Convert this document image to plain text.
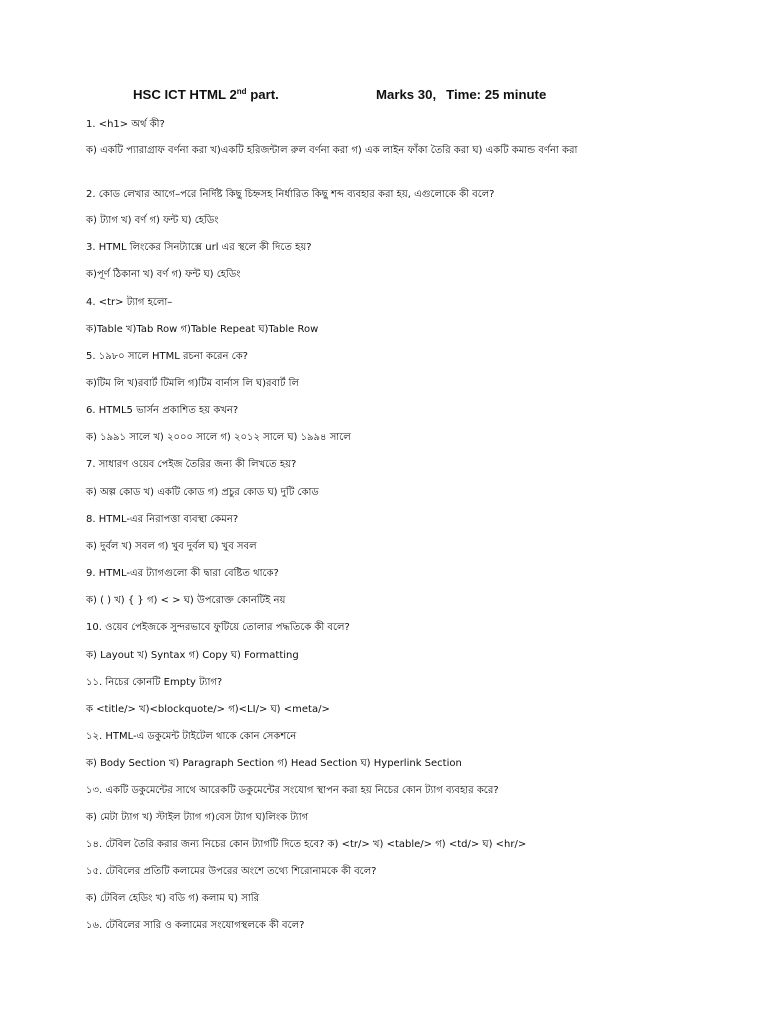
HSC ICT HTML 2nd part.	Marks 30, Time: 25 minute
1. <h1> অর্থ কী?
ক) একটি প্যারাগ্রাফ বর্ণনা করা খ)একটি হরিজন্টাল রুল বর্ণনা করা গ) এক লাইন ফাঁকা তৈরি করা ঘ) একটি কমান্ড বর্ণনা করা
2. কোড লেখার আগে–পরে নির্দিষ্ট কিছু চিহ্নসহ নির্ধারিত কিছু শব্দ ব্যবহার করা হয়, এগুলোকে কী বলে?
ক) ট্যাগ খ) বর্ণ গ) ফন্ট ঘ) হেডিং
3. HTML লিংকের সিনট্যাক্সে url এর স্থলে কী দিতে হয়?
ক)পূর্ণ ঠিকানা খ) বর্ণ গ) ফন্ট ঘ) হেডিং
4. <tr> ট্যাগ হলো–
ক)Table খ)Tab Row গ)Table Repeat ঘ)Table Row
5. ১৯৮০ সালে HTML রচনা করেন কে?
ক)টিম লি খ)রবার্ট টিমলি গ)টিম বার্নাস লি ঘ)রবার্ট লি
6. HTML5 ভার্সন প্রকাশিত হয় কখন?
ক) ১৯৯১ সালে খ) ২০০০ সালে গ) ২০১২ সালে ঘ) ১৯৯৪ সালে
7. সাধারণ ওয়েব পেইজ তৈরির জন্য কী লিখতে হয়?
ক) অল্প কোড খ) একটি কোড গ) প্রচুর কোড ঘ) দুটি কোড
8. HTML-এর নিরাপত্তা ব্যবস্থা কেমন?
ক) দুর্বল খ) সবল গ) খুব দুর্বল ঘ) খুব সবল
9. HTML-এর ট্যাগগুলো কী দ্বারা বেষ্টিত থাকে?
ক) ( ) খ) { } গ) < > ঘ) উপরোক্ত কোনটিই নয়
10. ওয়েব পেইজকে সুন্দরভাবে ফুটিয়ে তোলার পদ্ধতিকে কী বলে?
ক) Layout খ) Syntax গ) Copy ঘ) Formatting
১১. নিচের কোনটি Empty ট্যাগ?
ক <title/> খ)<blockquote/> গ)<LI/> ঘ) <meta/>
১২. HTML-এ ডকুমেন্ট টাইটেল থাকে কোন সেকশনে
ক) Body Section খ) Paragraph Section গ) Head Section ঘ) Hyperlink Section
১৩. একটি ডকুমেন্টের সাথে আরেকটি ডকুমেন্টের সংযোগ স্থাপন করা হয় নিচের কোন ট্যাগ ব্যবহার করে?
ক) মেটা ট্যাগ খ) স্টাইল ট্যাগ গ)বেস ট্যাগ ঘ)লিংক ট্যাগ
১৪. টেবিল তৈরি করার জন্য নিচের কোন ট্যাগটি দিতে হবে? ক) <tr/> খ) <table/> গ) <td/> ঘ) <hr/>
১৫. টেবিলের প্রতিটি কলামের উপরের অংশে তথ্যে শিরোনামকে কী বলে?
ক) টেবিল হেডিং খ) বডি গ) কলাম ঘ) সারি
১৬. টেবিলের সারি ও কলামের সংযোগস্থলকে কী বলে?
